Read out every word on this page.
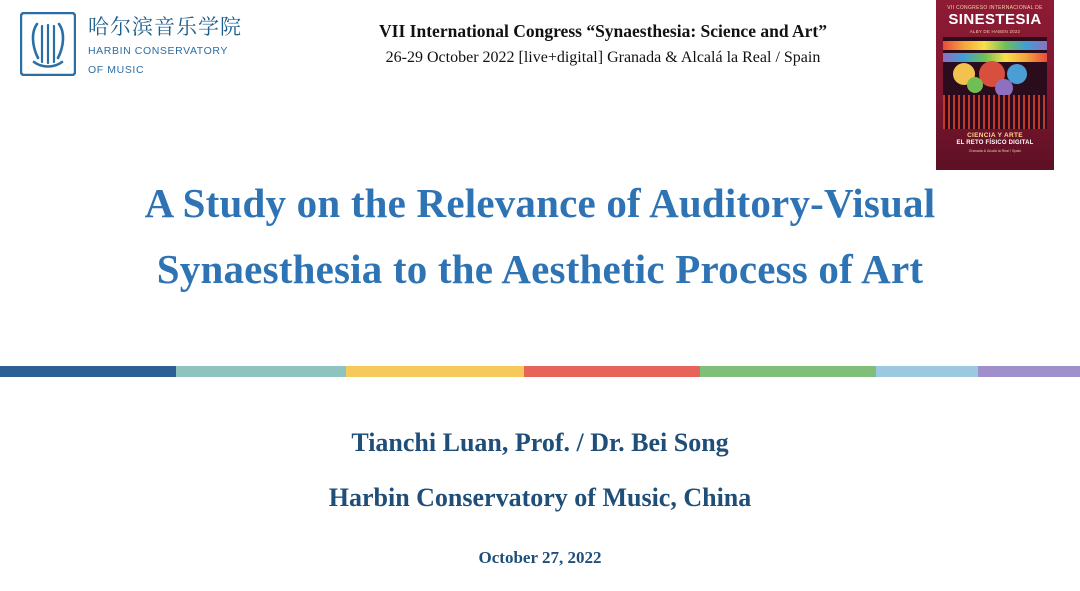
哈尔滨音乐学院
HARBIN CONSERVATORY
OF MUSIC
VII International Congress “Synaesthesia: Science and Art”
26-29 October 2022 [live+digital] Granada & Alcalá la Real / Spain
VII CONGRESO INTERNACIONAL DE
SINESTESIA
ALBY DE HABEN 2022
CIENCIA Y ARTE
EL RETO FÍSICO DIGITAL
Granada & Alcalá la Real / Spain
A Study on the Relevance of Auditory-Visual
Synaesthesia to the Aesthetic Process of Art
Tianchi Luan, Prof. / Dr. Bei Song
Harbin Conservatory of Music, China
October 27, 2022
